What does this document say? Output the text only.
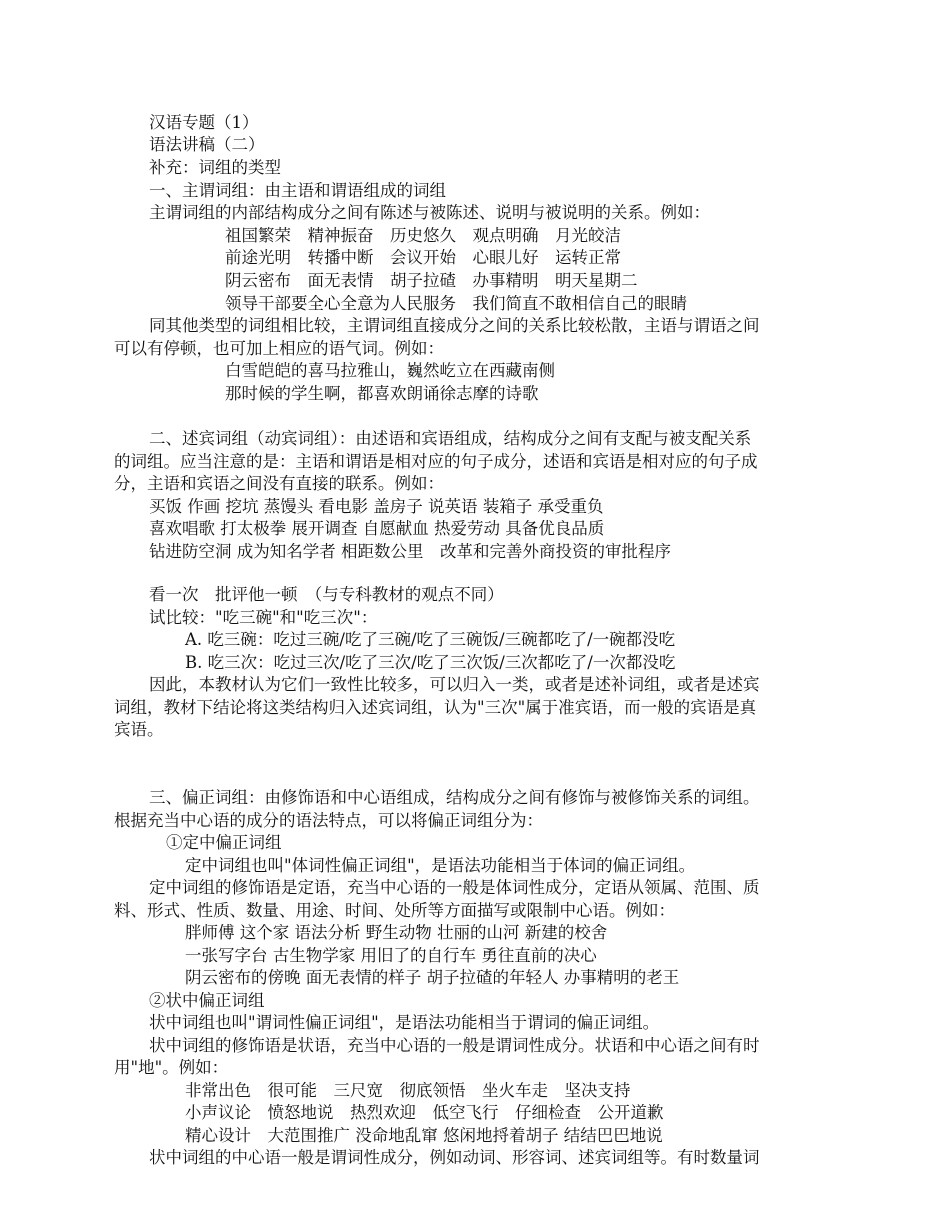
汉语专题（1）
语法讲稿（二）
补充：词组的类型
一、主谓词组：由主语和谓语组成的词组
主谓词组的内部结构成分之间有陈述与被陈述、说明与被说明的关系。例如：
祖国繁荣　精神振奋　历史悠久　观点明确　月光皎洁
前途光明　转播中断　会议开始　心眼儿好　运转正常
阴云密布　面无表情　胡子拉碴　办事精明　明天星期二
领导干部要全心全意为人民服务　我们简直不敢相信自己的眼睛
同其他类型的词组相比较，主谓词组直接成分之间的关系比较松散，主语与谓语之间
可以有停顿，也可加上相应的语气词。例如：
白雪皑皑的喜马拉雅山，巍然屹立在西藏南侧
那时候的学生啊，都喜欢朗诵徐志摩的诗歌
二、述宾词组（动宾词组）：由述语和宾语组成，结构成分之间有支配与被支配关系
的词组。应当注意的是：主语和谓语是相对应的句子成分，述语和宾语是相对应的句子成
分，主语和宾语之间没有直接的联系。例如：
买饭 作画 挖坑 蒸馒头 看电影 盖房子 说英语 装箱子 承受重负
喜欢唱歌 打太极拳 展开调查 自愿献血 热爱劳动 具备优良品质
钻进防空洞 成为知名学者 相距数公里　改革和完善外商投资的审批程序
看一次　批评他一顿　（与专科教材的观点不同）
试比较："吃三碗"和"吃三次"：
A. 吃三碗：吃过三碗/吃了三碗/吃了三碗饭/三碗都吃了/一碗都没吃
B. 吃三次：吃过三次/吃了三次/吃了三次饭/三次都吃了/一次都没吃
因此，本教材认为它们一致性比较多，可以归入一类，或者是述补词组，或者是述宾
词组，教材下结论将这类结构归入述宾词组，认为"三次"属于准宾语，而一般的宾语是真
宾语。
三、偏正词组：由修饰语和中心语组成，结构成分之间有修饰与被修饰关系的词组。
根据充当中心语的成分的语法特点，可以将偏正词组分为：
①定中偏正词组
定中词组也叫"体词性偏正词组"，是语法功能相当于体词的偏正词组。
定中词组的修饰语是定语，充当中心语的一般是体词性成分，定语从领属、范围、质
料、形式、性质、数量、用途、时间、处所等方面描写或限制中心语。例如：
胖师傅 这个家 语法分析 野生动物 壮丽的山河 新建的校舍
一张写字台 古生物学家 用旧了的自行车 勇往直前的决心
阴云密布的傍晚 面无表情的样子 胡子拉碴的年轻人 办事精明的老王
②状中偏正词组
状中词组也叫"谓词性偏正词组"，是语法功能相当于谓词的偏正词组。
状中词组的修饰语是状语，充当中心语的一般是谓词性成分。状语和中心语之间有时
用"地"。例如：
非常出色　很可能　三尺宽　彻底领悟　坐火车走　坚决支持
小声议论　愤怒地说　热烈欢迎　低空飞行　仔细检查　公开道歉
精心设计　大范围推广 没命地乱窜 悠闲地捋着胡子 结结巴巴地说
状中词组的中心语一般是谓词性成分，例如动词、形容词、述宾词组等。有时数量词
